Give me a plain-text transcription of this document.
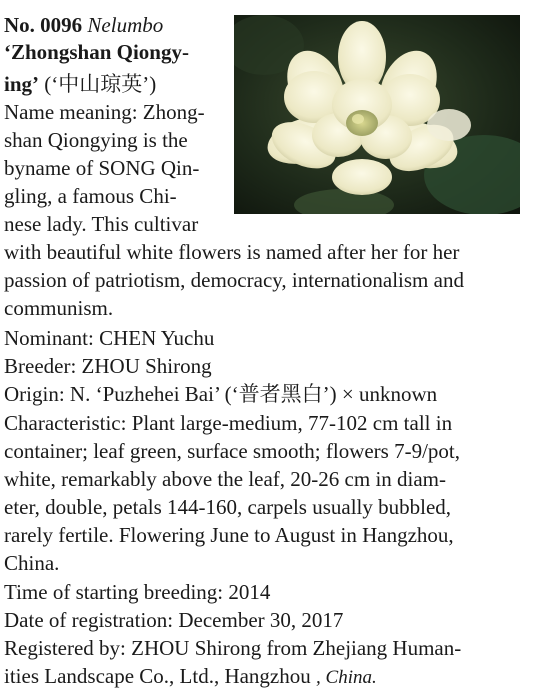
No. 0096 Nelumbo
‘Zhongshan Qiongy-
ing’ (‘中山琼英’)
Name meaning: Zhong-
shan Qiongying is the
byname of SONG Qin-
gling, a famous Chi-
nese lady. This cultivar
with beautiful white flowers is named after her for her
passion of patriotism, democracy, internationalism and
communism.
Nominant: CHEN Yuchu
Breeder: ZHOU Shirong
Origin: N. ‘Puzhehei Bai’ (‘普者黑白’) × unknown
Characteristic: Plant large-medium, 77-102 cm tall in
container; leaf green, surface smooth; flowers 7-9/pot,
white, remarkably above the leaf, 20-26 cm in diam-
eter, double, petals 144-160, carpels usually bubbled,
rarely fertile. Flowering June to August in Hangzhou,
China.
Time of starting breeding: 2014
Date of registration: December 30, 2017
Registered by: ZHOU Shirong from Zhejiang Human-
ities Landscape Co., Ltd., Hangzhou , China.
